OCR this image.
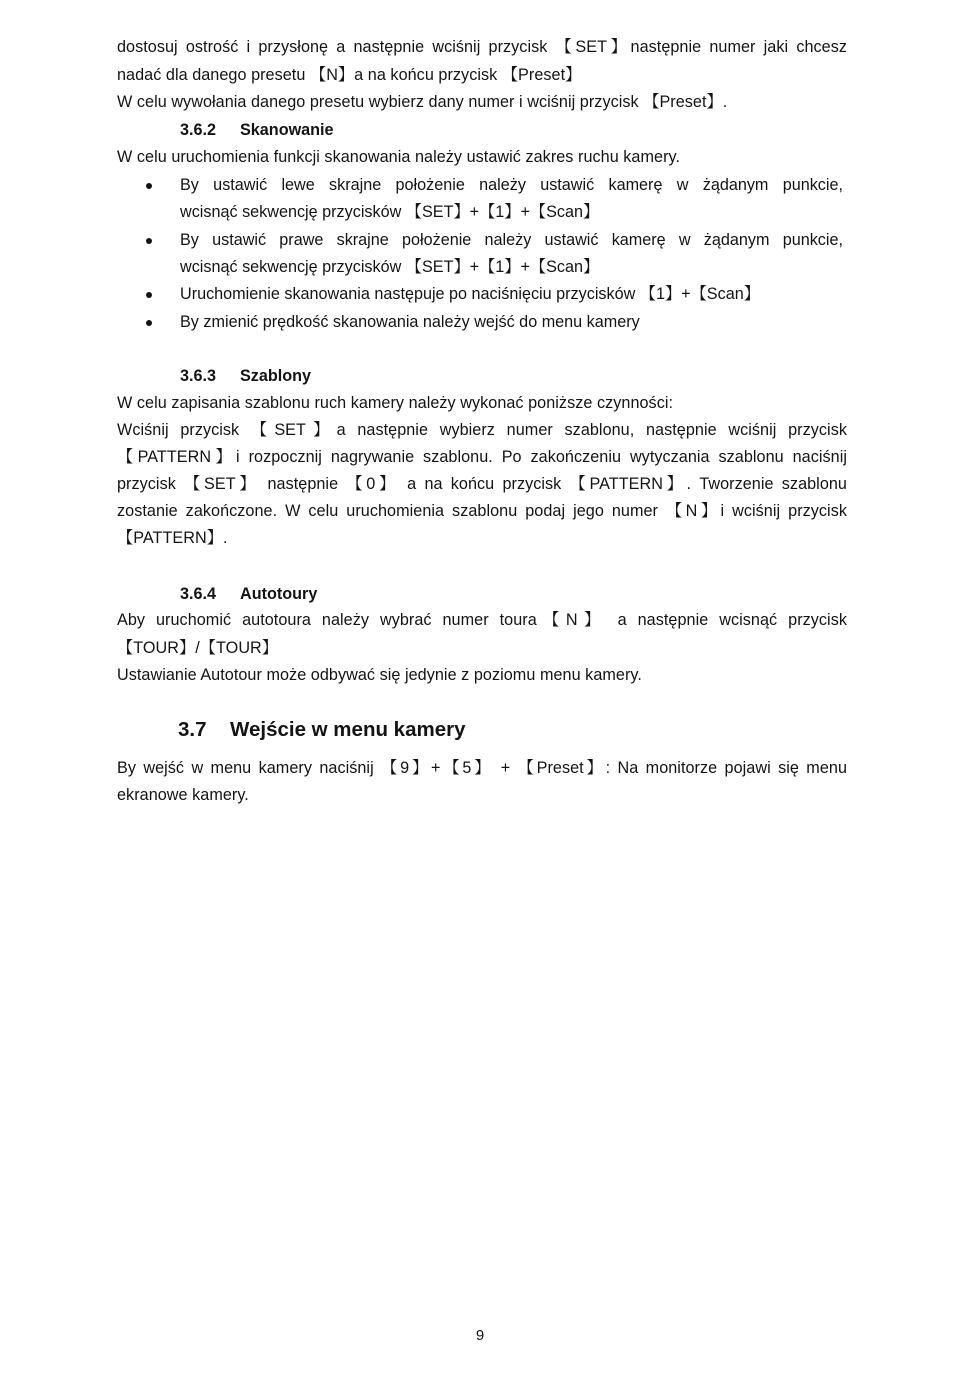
dostosuj ostrość i przysłonę a następnie wciśnij przycisk 【SET】następnie numer jaki chcesz
nadać dla danego presetu 【N】a na końcu przycisk 【Preset】
W celu wywołania danego presetu wybierz dany numer i wciśnij przycisk 【Preset】.
3.6.2 Skanowanie
W celu uruchomienia funkcji skanowania należy ustawić zakres ruchu kamery.
By ustawić lewe skrajne położenie należy ustawić kamerę w żądanym punkcie,
wcisnąć sekwencję przycisków 【SET】+【1】+【Scan】
By ustawić prawe skrajne położenie należy ustawić kamerę w żądanym punkcie,
wcisnąć sekwencję przycisków 【SET】+【1】+【Scan】
Uruchomienie skanowania następuje po naciśnięciu przycisków 【1】+【Scan】
By zmienić prędkość skanowania należy wejść do menu kamery
3.6.3 Szablony
W celu zapisania szablonu ruch kamery należy wykonać poniższe czynności:
Wciśnij przycisk 【SET】a następnie wybierz numer szablonu, następnie wciśnij przycisk
【PATTERN】i rozpocznij nagrywanie szablonu. Po zakończeniu wytyczania szablonu naciśnij
przycisk 【SET】 następnie 【0】 a na końcu przycisk 【PATTERN】. Tworzenie szablonu
zostanie zakończone. W celu uruchomienia szablonu podaj jego numer 【N】i wciśnij przycisk
【PATTERN】.
3.6.4 Autotoury
Aby uruchomić autotoura należy wybrać numer toura【N】 a następnie wcisnąć przycisk
【TOUR】/【TOUR】
Ustawianie Autotour może odbywać się jedynie z poziomu menu kamery.
3.7 Wejście w menu kamery
By wejść w menu kamery naciśnij 【9】+【5】 + 【Preset】: Na monitorze pojawi się menu
ekranowe kamery.
9
